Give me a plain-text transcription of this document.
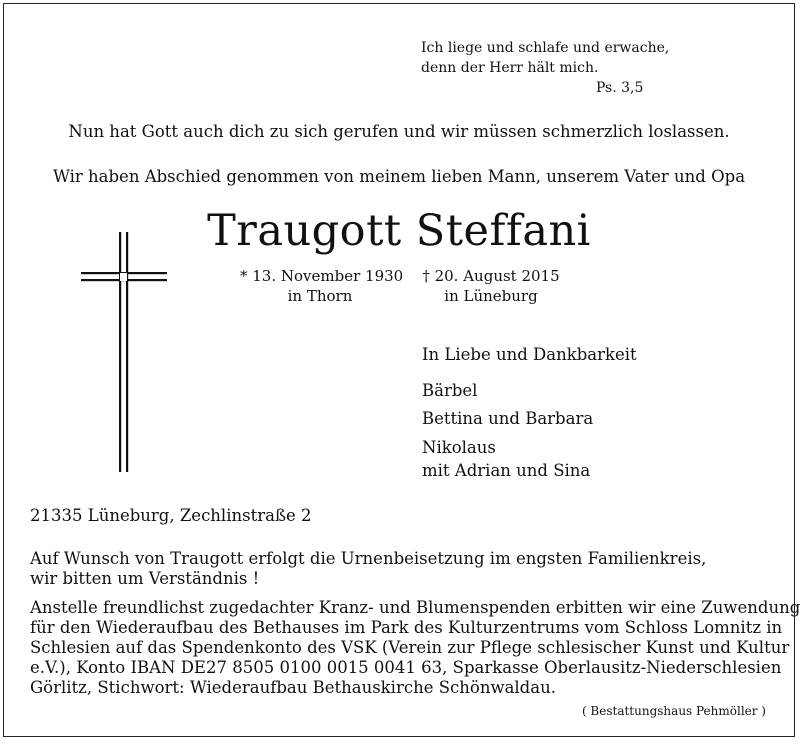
Ich liege und schlafe und erwache,
denn der Herr hält mich.
Ps. 3,5
Nun hat Gott auch dich zu sich gerufen und wir müssen schmerzlich loslassen.
Wir haben Abschied genommen von meinem lieben Mann, unserem Vater und Opa
Traugott Steffani
* 13. November 1930
in Thorn
† 20. August 2015
in Lüneburg
In Liebe und Dankbarkeit
Bärbel
Bettina und Barbara
Nikolaus
mit Adrian und Sina
21335 Lüneburg, Zechlinstraße 2
Auf Wunsch von Traugott erfolgt die Urnenbeisetzung im engsten Familienkreis,
wir bitten um Verständnis !
Anstelle freundlichst zugedachter Kranz- und Blumenspenden erbitten wir eine Zuwendung
für den Wiederaufbau des Bethauses im Park des Kulturzentrums vom Schloss Lomnitz in
Schlesien auf das Spendenkonto des VSK (Verein zur Pflege schlesischer Kunst und Kultur
e.V.), Konto IBAN DE27 8505 0100 0015 0041 63, Sparkasse Oberlausitz-Niederschlesien
Görlitz, Stichwort: Wiederaufbau Bethauskirche Schönwaldau.
( Bestattungshaus Pehmöller )
